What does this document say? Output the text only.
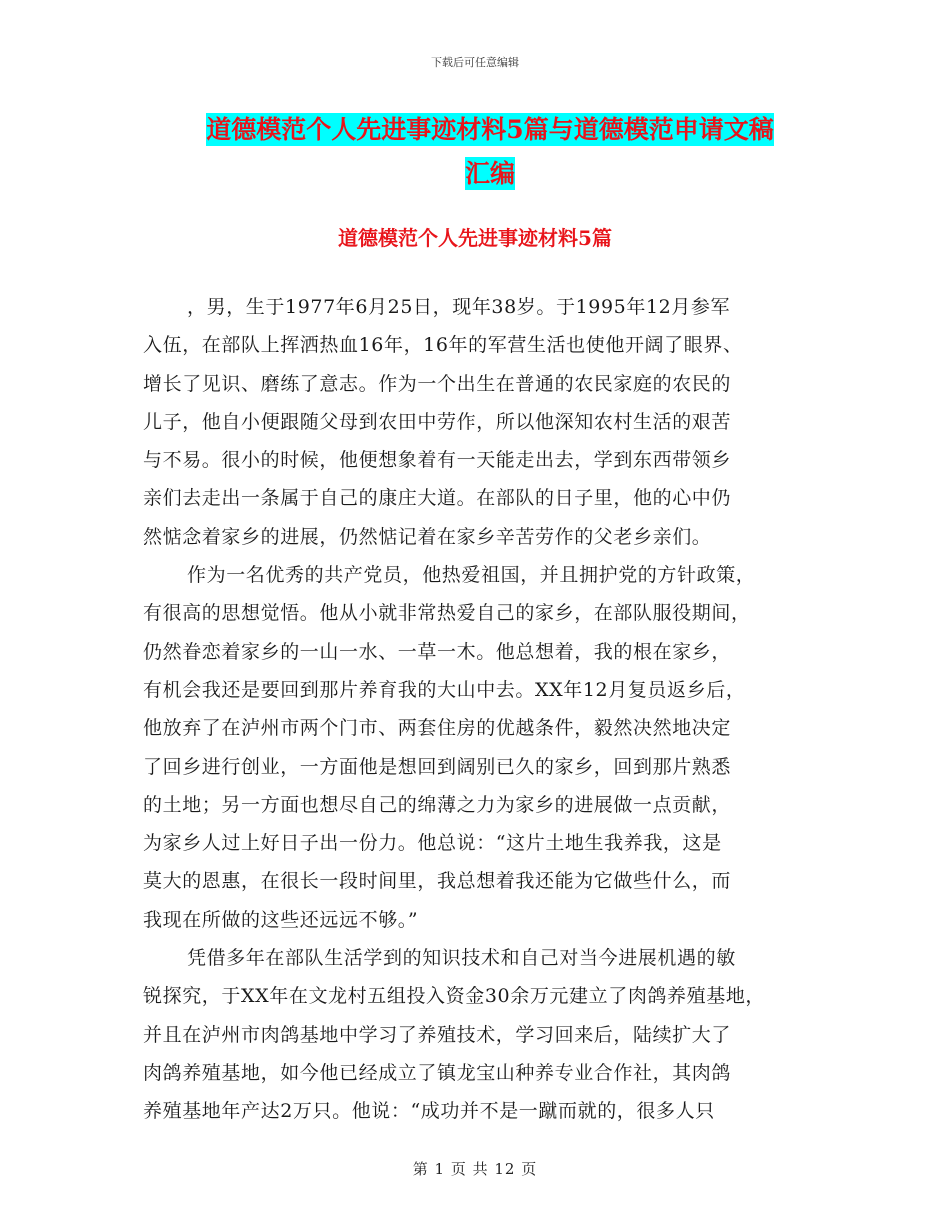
下载后可任意编辑
道德模范个人先进事迹材料5篇与道德模范申请文稿
汇编
道德模范个人先进事迹材料5篇
，男，生于1977年6月25日，现年38岁。于1995年12月参军
入伍，在部队上挥洒热血16年，16年的军营生活也使他开阔了眼界、
增长了见识、磨练了意志。作为一个出生在普通的农民家庭的农民的
儿子，他自小便跟随父母到农田中劳作，所以他深知农村生活的艰苦
与不易。很小的时候，他便想象着有一天能走出去，学到东西带领乡
亲们去走出一条属于自己的康庄大道。在部队的日子里，他的心中仍
然惦念着家乡的进展，仍然惦记着在家乡辛苦劳作的父老乡亲们。
作为一名优秀的共产党员，他热爱祖国，并且拥护党的方针政策，
有很高的思想觉悟。他从小就非常热爱自己的家乡，在部队服役期间，
仍然眷恋着家乡的一山一水、一草一木。他总想着，我的根在家乡，
有机会我还是要回到那片养育我的大山中去。XX年12月复员返乡后，
他放弃了在泸州市两个门市、两套住房的优越条件，毅然决然地决定
了回乡进行创业，一方面他是想回到阔别已久的家乡，回到那片熟悉
的土地；另一方面也想尽自己的绵薄之力为家乡的进展做一点贡献，
为家乡人过上好日子出一份力。他总说：“这片土地生我养我，这是
莫大的恩惠，在很长一段时间里，我总想着我还能为它做些什么，而
我现在所做的这些还远远不够。”
凭借多年在部队生活学到的知识技术和自己对当今进展机遇的敏
锐探究，于XX年在文龙村五组投入资金30余万元建立了肉鸽养殖基地，
并且在泸州市肉鸽基地中学习了养殖技术，学习回来后，陆续扩大了
肉鸽养殖基地，如今他已经成立了镇龙宝山种养专业合作社，其肉鸽
养殖基地年产达2万只。他说：“成功并不是一蹴而就的，很多人只
第 1 页 共 12 页
